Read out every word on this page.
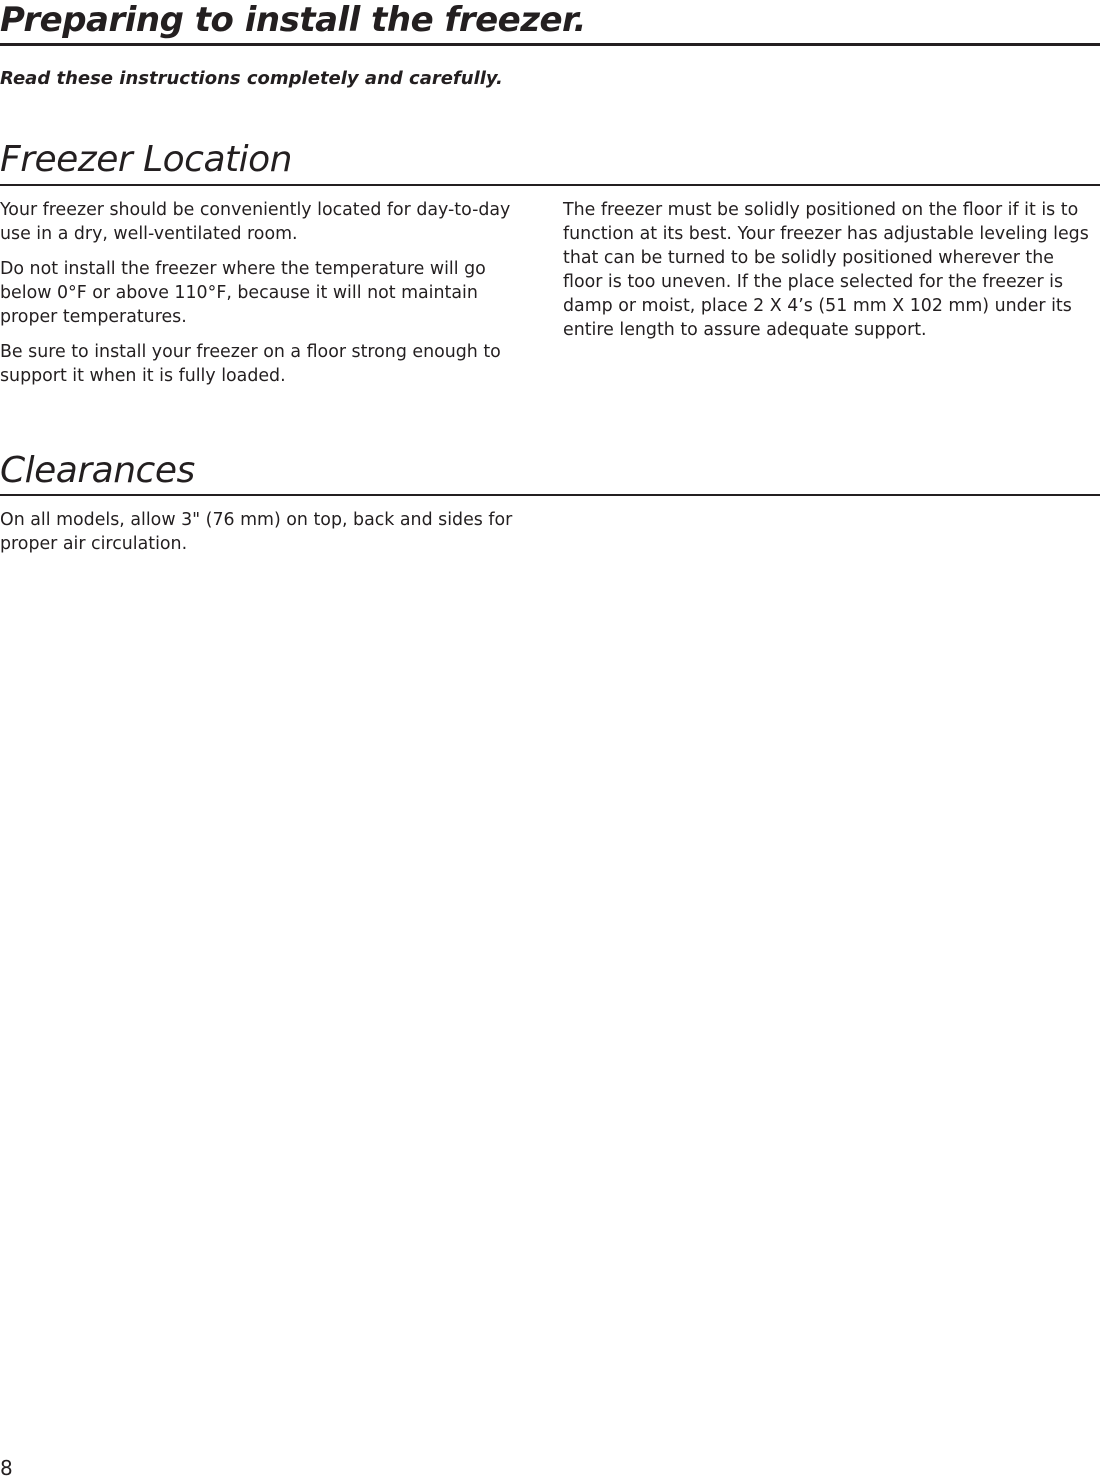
Preparing to install the freezer.

Read these instructions completely and carefully.

Freezer Location

Your freezer should be conveniently located for day-to-day use in a dry, well-ventilated room.

Do not install the freezer where the temperature will go below 0°F or above 110°F, because it will not maintain proper temperatures.

Be sure to install your freezer on a floor strong enough to support it when it is fully loaded.

The freezer must be solidly positioned on the floor if it is to function at its best. Your freezer has adjustable leveling legs that can be turned to be solidly positioned wherever the floor is too uneven. If the place selected for the freezer is damp or moist, place 2 X 4’s (51 mm X 102 mm) under its entire length to assure adequate support.

Clearances

On all models, allow 3" (76 mm) on top, back and sides for proper air circulation.

8
